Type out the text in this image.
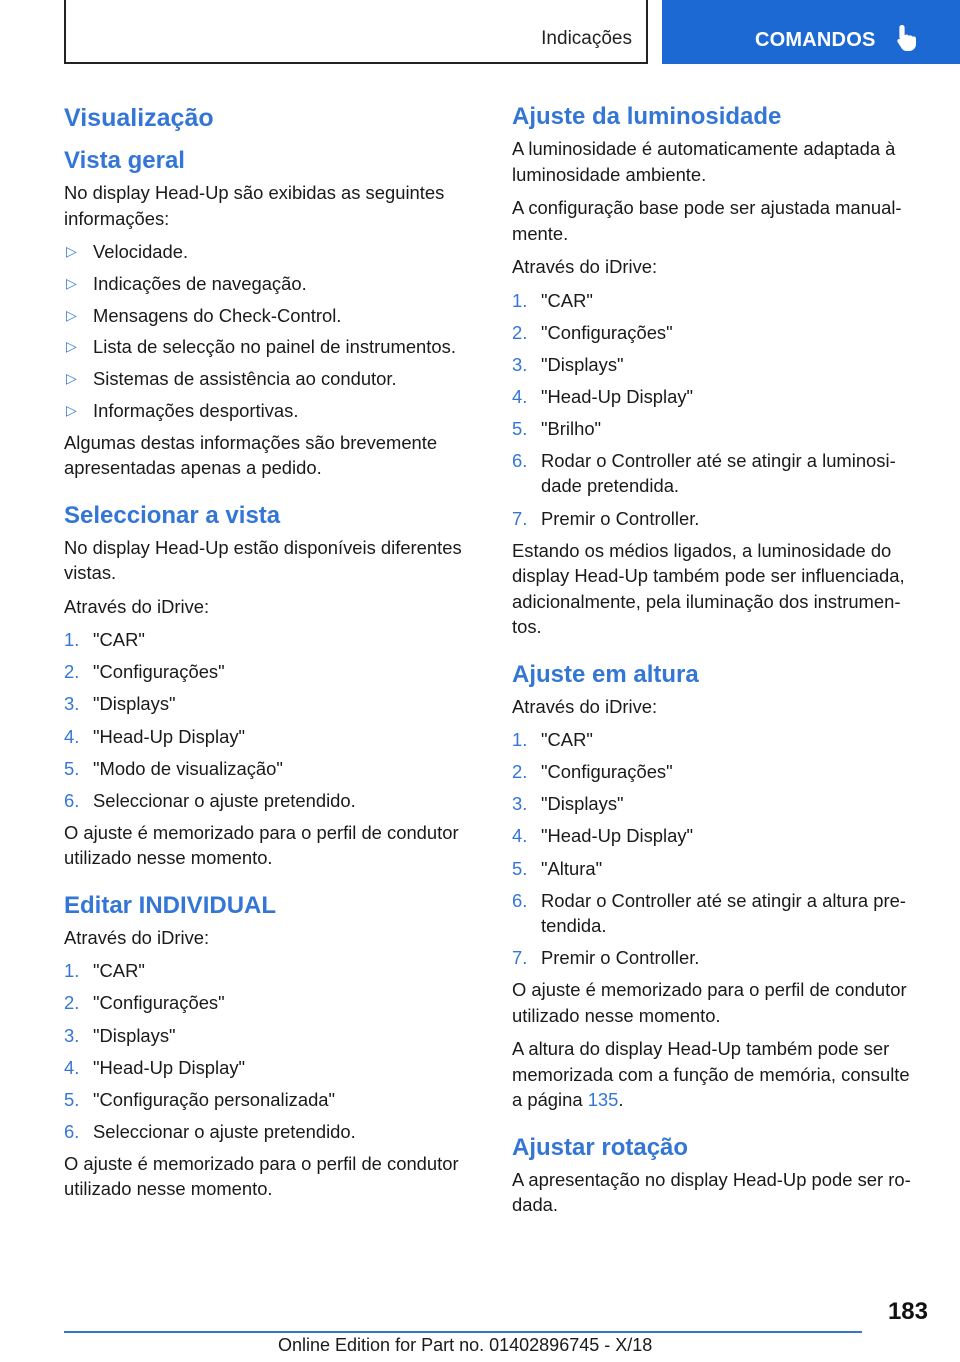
Indicações	COMANDOS
Visualização
Vista geral

No display Head-Up são exibidas as seguintes informações:

▷ Velocidade.
▷ Indicações de navegação.
▷ Mensagens do Check-Control.
▷ Lista de selecção no painel de instrumentos.
▷ Sistemas de assistência ao condutor.
▷ Informações desportivas.

Algumas destas informações são brevemente apresentadas apenas a pedido.

Seleccionar a vista

No display Head-Up estão disponíveis diferentes vistas.

Através do iDrive:

1. "CAR"
2. "Configurações"
3. "Displays"
4. "Head-Up Display"
5. "Modo de visualização"
6. Seleccionar o ajuste pretendido.

O ajuste é memorizado para o perfil de condutor utilizado nesse momento.

Editar INDIVIDUAL

Através do iDrive:

1. "CAR"
2. "Configurações"
3. "Displays"
4. "Head-Up Display"
5. "Configuração personalizada"
6. Seleccionar o ajuste pretendido.

O ajuste é memorizado para o perfil de condutor utilizado nesse momento.

Ajuste da luminosidade

A luminosidade é automaticamente adaptada à luminosidade ambiente.

A configuração base pode ser ajustada manual- mente.

Através do iDrive:

1. "CAR"
2. "Configurações"
3. "Displays"
4. "Head-Up Display"
5. "Brilho"
6. Rodar o Controller até se atingir a luminosi- dade pretendida.
7. Premir o Controller.

Estando os médios ligados, a luminosidade do display Head-Up também pode ser influenciada, adicionalmente, pela iluminação dos instrumen- tos.

Ajuste em altura

Através do iDrive:

1. "CAR"
2. "Configurações"
3. "Displays"
4. "Head-Up Display"
5. "Altura"
6. Rodar o Controller até se atingir a altura pre- tendida.
7. Premir o Controller.

O ajuste é memorizado para o perfil de condutor utilizado nesse momento.

A altura do display Head-Up também pode ser memorizada com a função de memória, consulte a página 135.

Ajustar rotação

A apresentação no display Head-Up pode ser ro- dada.

183
Online Edition for Part no. 01402896745 - X/18
